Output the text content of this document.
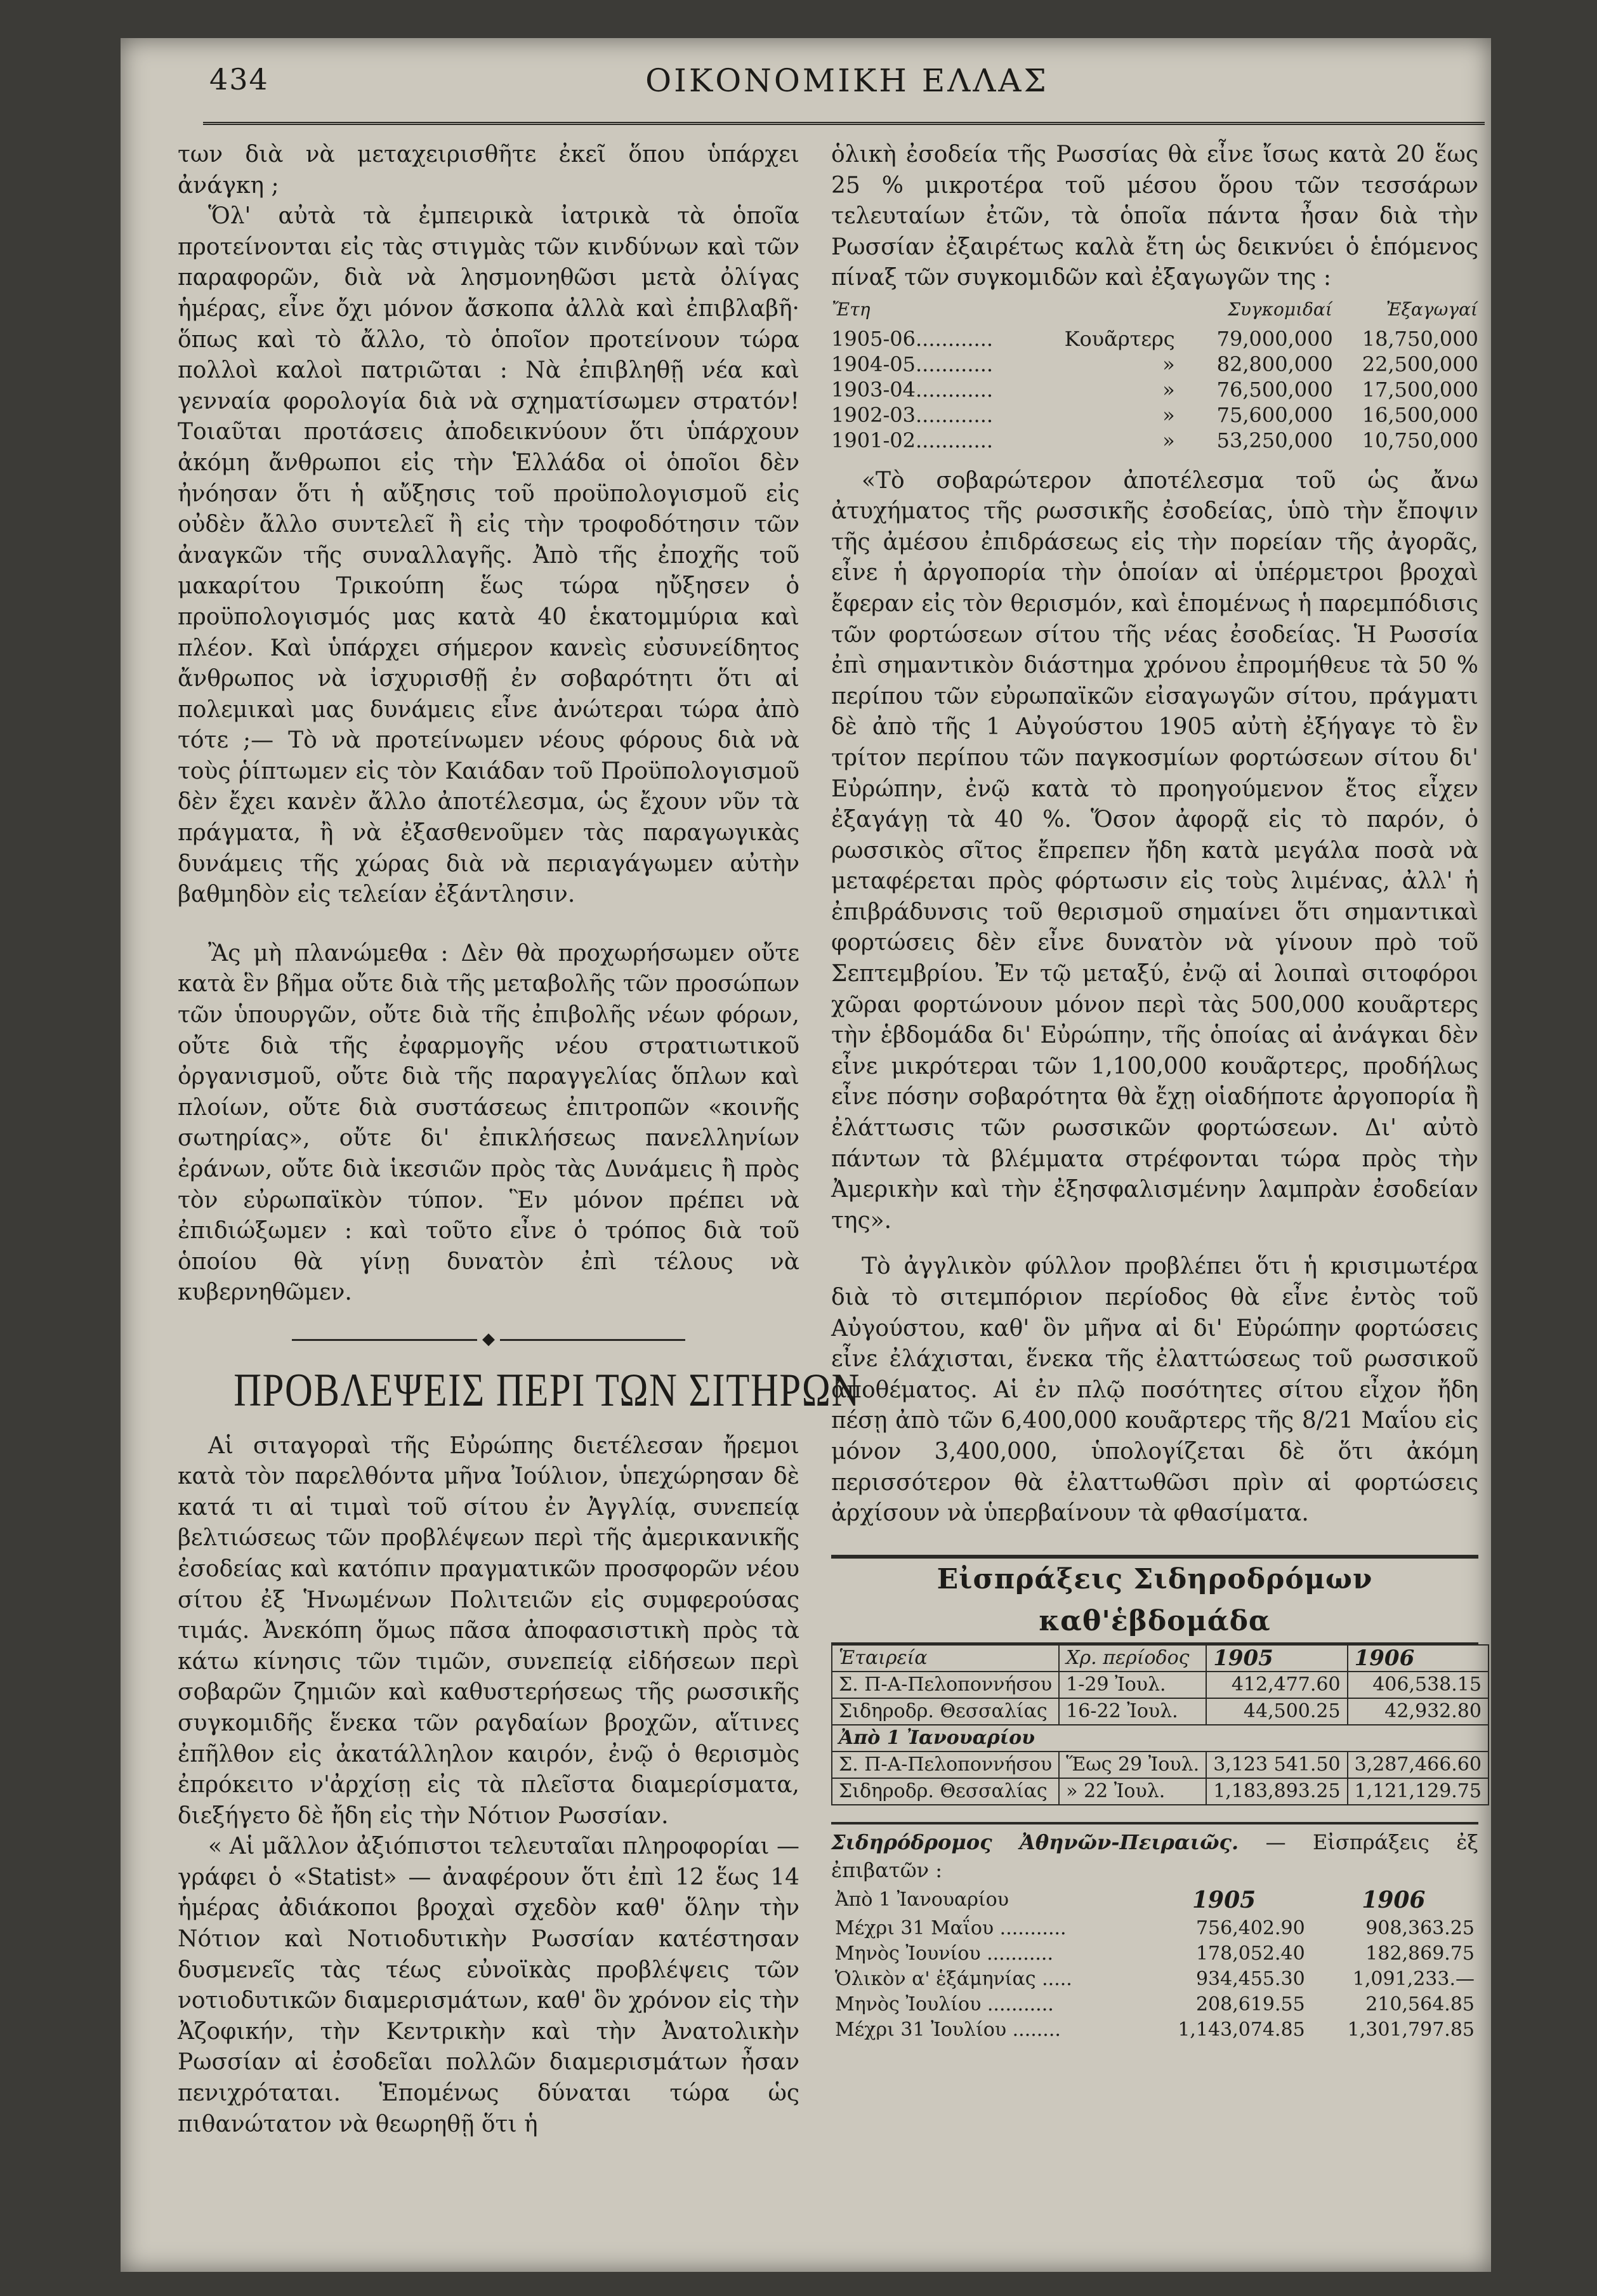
434	ΟΙΚΟΝΟΜΙΚΗ ΕΛΛΑΣ

των διὰ νὰ μεταχειρισθῆτε ἐκεῖ ὅπου ὑπάρχει ἀνάγκη ;

Ὅλ' αὐτὰ τὰ ἐμπειρικὰ ἰατρικὰ τὰ ὁποῖα προτείνονται εἰς τὰς στιγμὰς τῶν κινδύνων καὶ τῶν παραφορῶν, διὰ νὰ λησμονηθῶσι μετὰ ὀλίγας ἡμέρας, εἶνε ὄχι μόνον ἄσκοπα ἀλλὰ καὶ ἐπιβλαβῆ· ὅπως καὶ τὸ ἄλλο, τὸ ὁποῖον προτείνουν τώρα πολλοὶ καλοὶ πατριῶται : Νὰ ἐπιβληθῇ νέα καὶ γενναία φορολογία διὰ νὰ σχηματίσωμεν στρατόν! Τοιαῦται προτάσεις ἀποδεικνύουν ὅτι ὑπάρχουν ἀκόμη ἄνθρωποι εἰς τὴν Ἑλλάδα οἱ ὁποῖοι δὲν ἠνόησαν ὅτι ἡ αὔξησις τοῦ προϋπολογισμοῦ εἰς οὐδὲν ἄλλο συντελεῖ ἢ εἰς τὴν τροφοδότησιν τῶν ἀναγκῶν τῆς συναλλαγῆς. Ἀπὸ τῆς ἐποχῆς τοῦ μακαρίτου Τρικούπη ἕως τώρα ηὔξησεν ὁ προϋπολογισμός μας κατὰ 40 ἑκατομμύρια καὶ πλέον. Καὶ ὑπάρχει σήμερον κανεὶς εὐσυνείδητος ἄνθρωπος νὰ ἰσχυρισθῇ ἐν σοβαρότητι ὅτι αἱ πολεμικαὶ μας δυνάμεις εἶνε ἀνώτεραι τώρα ἀπὸ τότε ;— Τὸ νὰ προτείνωμεν νέους φόρους διὰ νὰ τοὺς ῥίπτωμεν εἰς τὸν Καιάδαν τοῦ Προϋπολογισμοῦ δὲν ἔχει κανὲν ἄλλο ἀποτέλεσμα, ὡς ἔχουν νῦν τὰ πράγματα, ἢ νὰ ἐξασθενοῦμεν τὰς παραγωγικὰς δυνάμεις τῆς χώρας διὰ νὰ περιαγάγωμεν αὐτὴν βαθμηδὸν εἰς τελείαν ἐξάντλησιν.

Ἂς μὴ πλανώμεθα : Δὲν θὰ προχωρήσωμεν οὔτε κατὰ ἓν βῆμα οὔτε διὰ τῆς μεταβολῆς τῶν προσώπων τῶν ὑπουργῶν, οὔτε διὰ τῆς ἐπιβολῆς νέων φόρων, οὔτε διὰ τῆς ἐφαρμογῆς νέου στρατιωτικοῦ ὀργανισμοῦ, οὔτε διὰ τῆς παραγγελίας ὅπλων καὶ πλοίων, οὔτε διὰ συστάσεως ἐπιτροπῶν «κοινῆς σωτηρίας», οὔτε δι' ἐπικλήσεως πανελληνίων ἐράνων, οὔτε διὰ ἱκεσιῶν πρὸς τὰς Δυνάμεις ἢ πρὸς τὸν εὐρωπαϊκὸν τύπον. Ἓν μόνον πρέπει νὰ ἐπιδιώξωμεν : καὶ τοῦτο εἶνε ὁ τρόπος διὰ τοῦ ὁποίου θὰ γίνῃ δυνατὸν ἐπὶ τέλους νὰ κυβερνηθῶμεν.

◆
ΠΡΟΒΛΕΨΕΙΣ ΠΕΡΙ ΤΩΝ ΣΙΤΗΡΩΝ

Αἱ σιταγοραὶ τῆς Εὐρώπης διετέλεσαν ἤρεμοι κατὰ τὸν παρελθόντα μῆνα Ἰούλιον, ὑπεχώρησαν δὲ κατά τι αἱ τιμαὶ τοῦ σίτου ἐν Ἀγγλίᾳ, συνεπείᾳ βελτιώσεως τῶν προβλέψεων περὶ τῆς ἀμερικανικῆς ἐσοδείας καὶ κατόπιν πραγματικῶν προσφορῶν νέου σίτου ἐξ Ἡνωμένων Πολιτειῶν εἰς συμφερούσας τιμάς. Ἀνεκόπη ὅμως πᾶσα ἀποφασιστικὴ πρὸς τὰ κάτω κίνησις τῶν τιμῶν, συνεπείᾳ εἰδήσεων περὶ σοβαρῶν ζημιῶν καὶ καθυστερήσεως τῆς ρωσσικῆς συγκομιδῆς ἕνεκα τῶν ραγδαίων βροχῶν, αἵτινες ἐπῆλθον εἰς ἀκατάλληλον καιρόν, ἐνῷ ὁ θερισμὸς ἐπρόκειτο ν'ἀρχίσῃ εἰς τὰ πλεῖστα διαμερίσματα, διεξήγετο δὲ ἤδη εἰς τὴν Νότιον Ρωσσίαν.

« Αἱ μᾶλλον ἀξιόπιστοι τελευταῖαι πληροφορίαι — γράφει ὁ «Statist» — ἀναφέρουν ὅτι ἐπὶ 12 ἕως 14 ἡμέρας ἀδιάκοποι βροχαὶ σχεδὸν καθ' ὅλην τὴν Νότιον καὶ Νοτιοδυτικὴν Ρωσσίαν κατέστησαν δυσμενεῖς τὰς τέως εὐνοϊκὰς προβλέψεις τῶν νοτιοδυτικῶν διαμερισμάτων, καθ' ὃν χρόνον εἰς τὴν Ἀζοφικήν, τὴν Κεντρικὴν καὶ τὴν Ἀνατολικὴν Ρωσσίαν αἱ ἐσοδεῖαι πολλῶν διαμερισμάτων ἦσαν πενιχρόταται. Ἑπομένως δύναται τώρα ὡς πιθανώτατον νὰ θεωρηθῇ ὅτι ἡ

ὁλικὴ ἐσοδεία τῆς Ρωσσίας θὰ εἶνε ἴσως κατὰ 20 ἕως 25 % μικροτέρα τοῦ μέσου ὅρου τῶν τεσσάρων τελευταίων ἐτῶν, τὰ ὁποῖα πάντα ἦσαν διὰ τὴν Ρωσσίαν ἐξαιρέτως καλὰ ἔτη ὡς δεικνύει ὁ ἑπόμενος πίναξ τῶν συγκομιδῶν καὶ ἐξαγωγῶν της :

Ἔτη		Συγκομιδαί	Ἐξαγωγαί
1905-06............	Κουᾶρτερς	79,000,000	18,750,000
1904-05............	»	82,800,000	22,500,000
1903-04............	»	76,500,000	17,500,000
1902-03............	»	75,600,000	16,500,000
1901-02............	»	53,250,000	10,750,000

«Τὸ σοβαρώτερον ἀποτέλεσμα τοῦ ὡς ἄνω ἀτυχήματος τῆς ρωσσικῆς ἐσοδείας, ὑπὸ τὴν ἔποψιν τῆς ἀμέσου ἐπιδράσεως εἰς τὴν πορείαν τῆς ἀγορᾶς, εἶνε ἡ ἀργοπορία τὴν ὁποίαν αἱ ὑπέρμετροι βροχαὶ ἔφεραν εἰς τὸν θερισμόν, καὶ ἑπομένως ἡ παρεμπόδισις τῶν φορτώσεων σίτου τῆς νέας ἐσοδείας. Ἡ Ρωσσία ἐπὶ σημαντικὸν διάστημα χρόνου ἐπρομήθευε τὰ 50 % περίπου τῶν εὐρωπαϊκῶν εἰσαγωγῶν σίτου, πράγματι δὲ ἀπὸ τῆς 1 Αὐγούστου 1905 αὐτὴ ἐξήγαγε τὸ ἓν τρίτον περίπου τῶν παγκοσμίων φορτώσεων σίτου δι' Εὐρώπην, ἐνῷ κατὰ τὸ προηγούμενον ἔτος εἶχεν ἐξαγάγῃ τὰ 40 %. Ὅσον ἀφορᾷ εἰς τὸ παρόν, ὁ ρωσσικὸς σῖτος ἔπρεπεν ἤδη κατὰ μεγάλα ποσὰ νὰ μεταφέρεται πρὸς φόρτωσιν εἰς τοὺς λιμένας, ἀλλ' ἡ ἐπιβράδυνσις τοῦ θερισμοῦ σημαίνει ὅτι σημαντικαὶ φορτώσεις δὲν εἶνε δυνατὸν νὰ γίνουν πρὸ τοῦ Σεπτεμβρίου. Ἐν τῷ μεταξύ, ἐνῷ αἱ λοιπαὶ σιτοφόροι χῶραι φορτώνουν μόνον περὶ τὰς 500,000 κουᾶρτερς τὴν ἑβδομάδα δι' Εὐρώπην, τῆς ὁποίας αἱ ἀνάγκαι δὲν εἶνε μικρότεραι τῶν 1,100,000 κουᾶρτερς, προδήλως εἶνε πόσην σοβαρότητα θὰ ἔχῃ οἱαδήποτε ἀργοπορία ἢ ἐλάττωσις τῶν ρωσσικῶν φορτώσεων. Δι' αὐτὸ πάντων τὰ βλέμματα στρέφονται τώρα πρὸς τὴν Ἀμερικὴν καὶ τὴν ἐξησφαλισμένην λαμπρὰν ἐσοδείαν της».

Τὸ ἀγγλικὸν φύλλον προβλέπει ὅτι ἡ κρισιμωτέρα διὰ τὸ σιτεμπόριον περίοδος θὰ εἶνε ἐντὸς τοῦ Αὐγούστου, καθ' ὃν μῆνα αἱ δι' Εὐρώπην φορτώσεις εἶνε ἐλάχισται, ἕνεκα τῆς ἐλαττώσεως τοῦ ρωσσικοῦ ἀποθέματος. Αἱ ἐν πλῷ ποσότητες σίτου εἶχον ἤδη πέσῃ ἀπὸ τῶν 6,400,000 κουᾶρτερς τῆς 8/21 Μαΐου εἰς μόνον 3,400,000, ὑπολογίζεται δὲ ὅτι ἀκόμη περισσότερον θὰ ἐλαττωθῶσι πρὶν αἱ φορτώσεις ἀρχίσουν νὰ ὑπερβαίνουν τὰ φθασίματα.

Εἰσπράξεις Σιδηροδρόμων καθ'ἑβδομάδα
Ἑταιρεία	Χρ. περίοδος	1905	1906
Σ. Π-Α-Πελοποννήσου	1-29 Ἰουλ.	412,477.60	406,538.15
Σιδηροδρ. Θεσσαλίας	16-22 Ἰουλ.	44,500.25	42,932.80
Ἀπὸ 1 Ἰανουαρίου			
Σ. Π-Α-Πελοποννήσου	Ἕως 29 Ἰουλ.	3,123 541.50	3,287,466.60
Σιδηροδρ. Θεσσαλίας	» 22 Ἰουλ.	1,183,893.25	1,121,129.75
Σιδηρόδρομος Ἀθηνῶν-Πειραιῶς. — Εἰσπράξεις ἐξ ἐπιβατῶν :
Ἀπὸ 1 Ἰανουαρίου	1905	1906
Μέχρι 31 Μαΐου ...........	756,402.90	908,363.25
Μηνὸς Ἰουνίου ...........	178,052.40	182,869.75
Ὁλικὸν α' ἑξάμηνίας .....	934,455.30	1,091,233.—
Μηνὸς Ἰουλίου ...........	208,619.55	210,564.85
Μέχρι 31 Ἰουλίου ........	1,143,074.85	1,301,797.85
